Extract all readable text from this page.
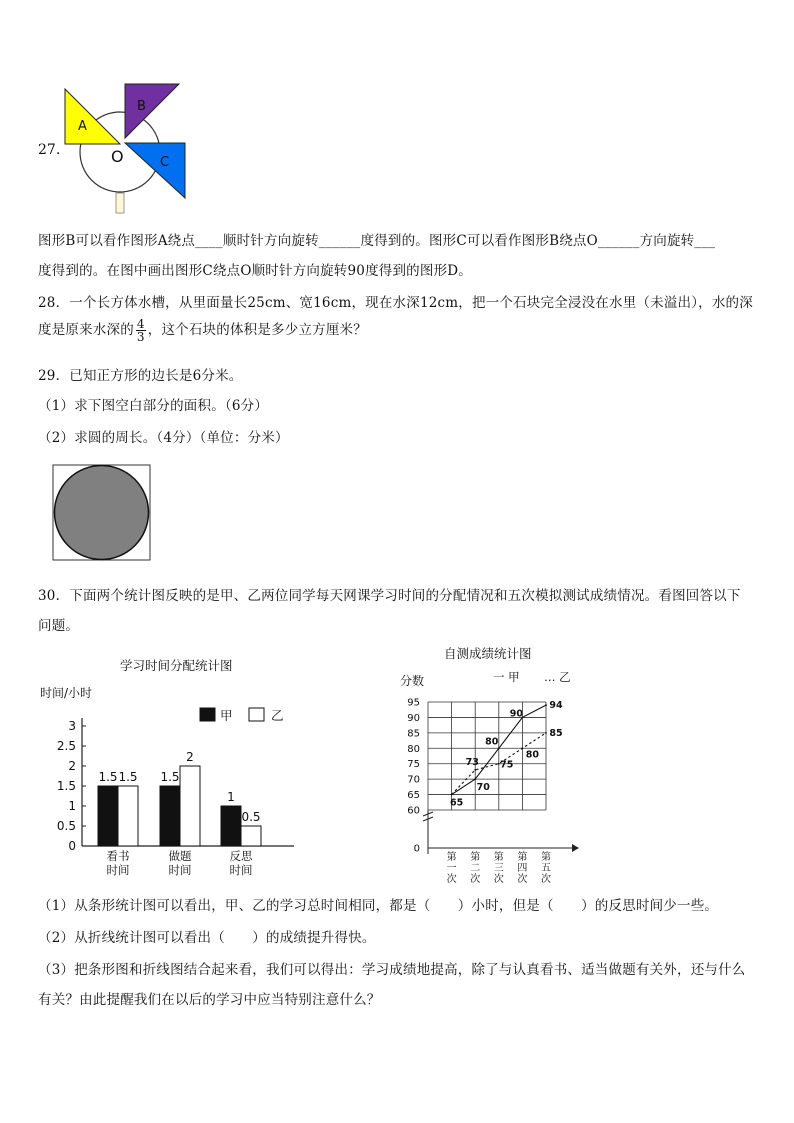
27.
A
B
C
O
图形B可以看作图形A绕点____顺时针方向旋转______度得到的。图形C可以看作图形B绕点O______方向旋转___
度得到的。在图中画出图形C绕点O顺时针方向旋转90度得到的图形D。
28．一个长方体水槽，从里面量长25cm、宽16cm，现在水深12cm，把一个石块完全浸没在水里（未溢出），水的深
度是原来水深的 $\frac{4}{3}$ ，这个石块的体积是多少立方厘米？
29．已知正方形的边长是6分米。
（1）求下图空白部分的面积。（6分）
（2）求圆的周长。（4分）（单位：分米）
30．下面两个统计图反映的是甲、乙两位同学每天网课学习时间的分配情况和五次模拟测试成绩情况。看图回答以下
问题。
学习时间分配统计图
时间/小时
0
0.5
1
1.5
2
2.5
3
1.5 1.5 1.5
2
1
0.5
看书
时间
做题
时间
反思
时间
甲	乙
自测成绩统计图
分数	一 甲 … 乙
0
60
65
70
75
80
85
90
95
65
73
70
80
75
90
80
94
85
第
一
次
第
二
次
第
三
次
第
四
次
第
五
次
（1）从条形统计图可以看出，甲、乙的学习总时间相同，都是（　　）小时，但是（　　）的反思时间少一些。
（2）从折线统计图可以看出（　　）的成绩提升得快。
（3）把条形图和折线图结合起来看，我们可以得出：学习成绩地提高，除了与认真看书、适当做题有关外，还与什么
有关？由此提醒我们在以后的学习中应当特别注意什么？
